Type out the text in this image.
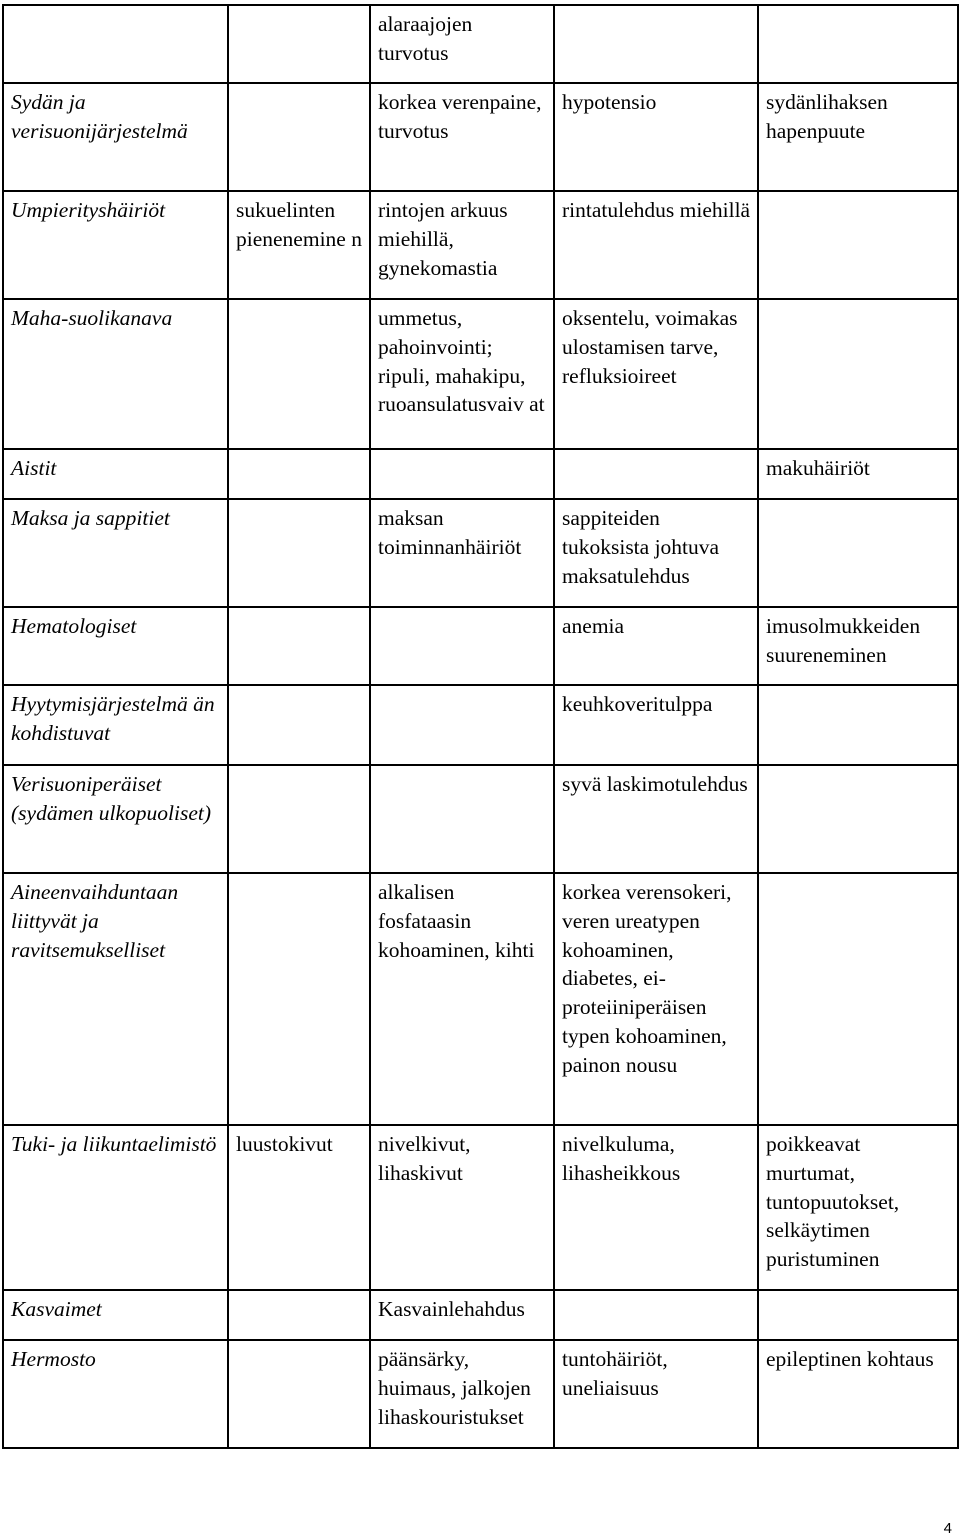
		alaraajojen turvotus		
Sydän ja verisuonijärjestelmä		korkea verenpaine, turvotus	hypotensio	sydänlihaksen hapenpuute
Umpierityshäiriöt	sukuelinten pienenemine n	rintojen arkuus miehillä, gynekomastia	rintatulehdus miehillä	
Maha-suolikanava		ummetus, pahoinvointi; ripuli, mahakipu, ruoansulatusvaiv at	oksentelu, voimakas ulostamisen tarve, refluksioireet	
Aistit				makuhäiriöt
Maksa ja sappitiet		maksan toiminnanhäiriöt	sappiteiden tukoksista johtuva maksatulehdus	
Hematologiset			anemia	imusolmukkeiden suureneminen
Hyytymisjärjestelmä än kohdistuvat			keuhkoveritulppa	
Verisuoniperäiset (sydämen ulkopuoliset)			syvä laskimotulehdus	
Aineenvaihduntaan liittyvät ja ravitsemukselliset		alkalisen fosfataasin kohoaminen, kihti	korkea verensokeri, veren ureatypen kohoaminen, diabetes, ei-proteiiniperäisen typen kohoaminen, painon nousu	
Tuki- ja liikuntaelimistö	luustokivut	nivelkivut, lihaskivut	nivelkuluma, lihasheikkous	poikkeavat murtumat, tuntopuutokset, selkäytimen puristuminen
Kasvaimet		Kasvainlehahdus		
Hermosto		päänsärky, huimaus, jalkojen lihaskouristukset	tuntohäiriöt, uneliaisuus	epileptinen kohtaus
4
